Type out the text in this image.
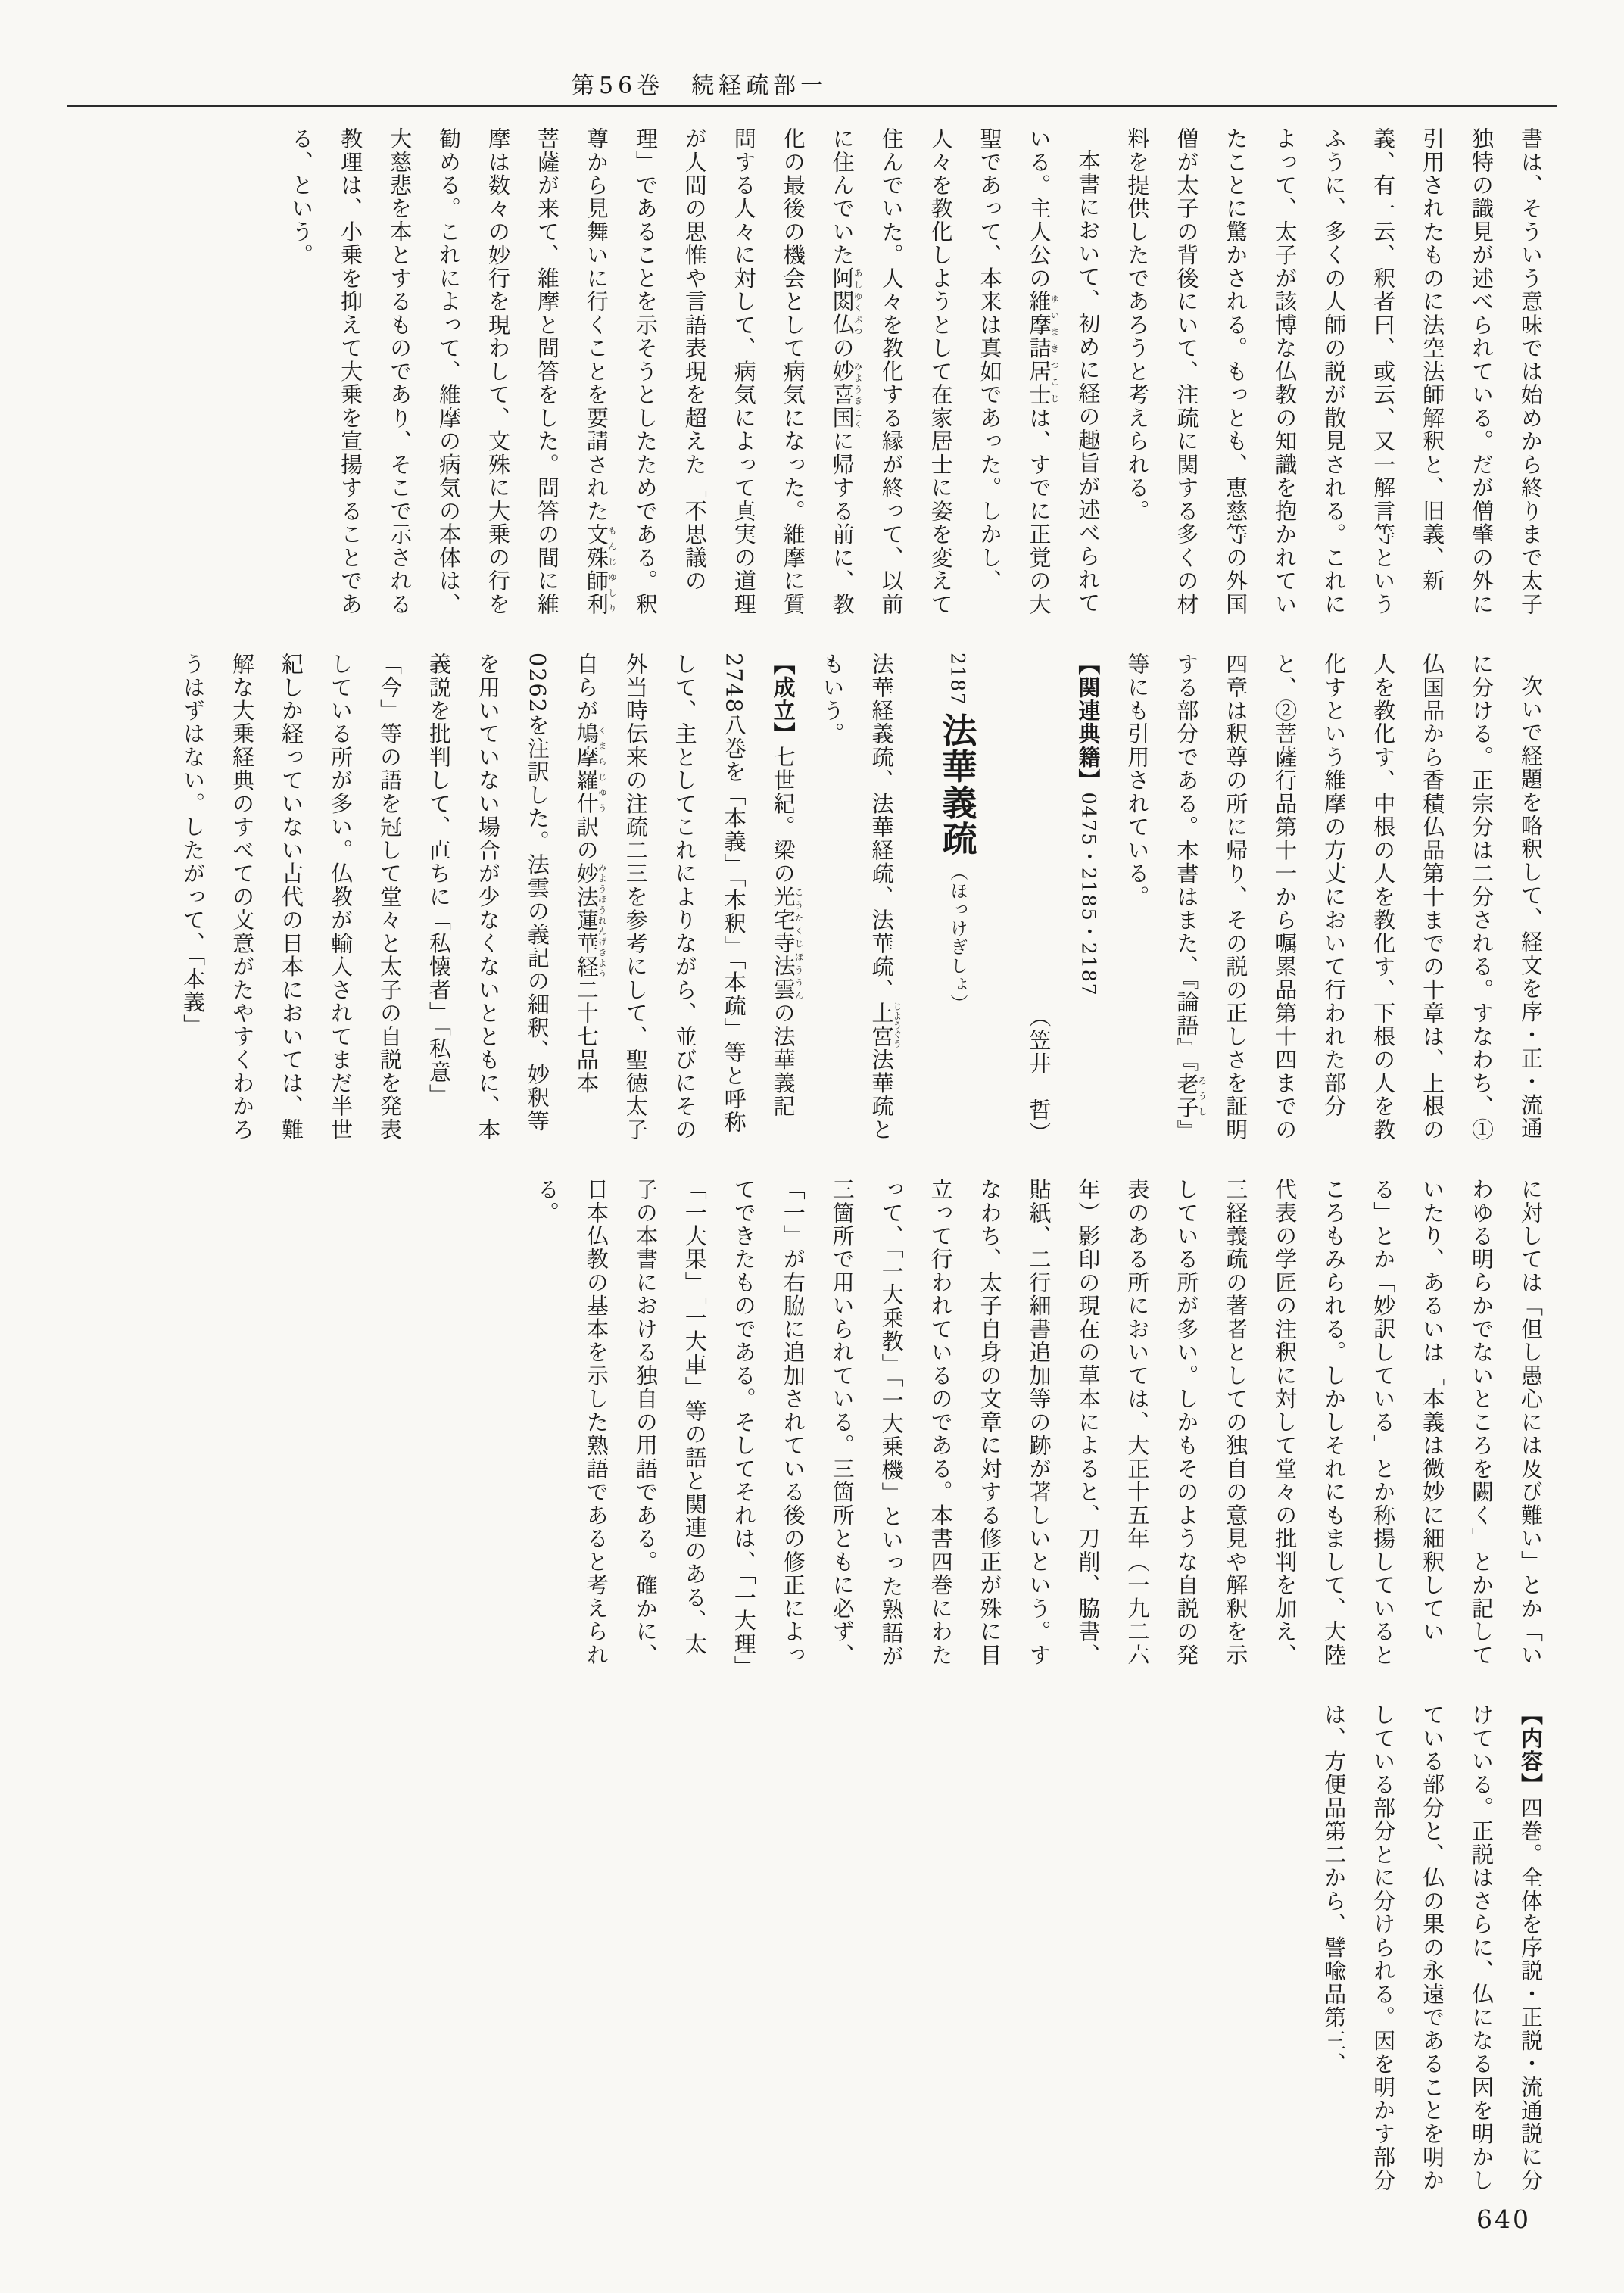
第56巻　続経疏部一

書は、そういう意味では始めから終りまで太子独特の識見が述べられている。だが僧肇の外に引用されたものに法空法師解釈と、旧義、新義、有一云、釈者曰、或云、又一解言等というふうに、多くの人師の説が散見される。これによって、太子が該博な仏教の知識を抱かれていたことに驚かされる。もっとも、恵慈等の外国僧が太子の背後にいて、注疏に関する多くの材料を提供したであろうと考えられる。

本書において、初めに経の趣旨が述べられている。主人公の維摩詰居士ゆいまきつこじは、すでに正覚の大聖であって、本来は真如であった。しかし、人々を教化しようとして在家居士に姿を変えて住んでいた。人々を教化する縁が終って、以前に住んでいた阿閦仏あしゆくぶつの妙喜国みようきこくに帰する前に、教化の最後の機会として病気になった。維摩に質問する人々に対して、病気によって真実の道理が人間の思惟や言語表現を超えた「不思議の理」であることを示そうとしたためである。釈尊から見舞いに行くことを要請された文殊師利もんじゆしり菩薩が来て、維摩と問答をした。問答の間に維摩は数々の妙行を現わして、文殊に大乗の行を勧める。これによって、維摩の病気の本体は、大慈悲を本とするものであり、そこで示される教理は、小乗を抑えて大乗を宣揚することである、という。

次いで経題を略釈して、経文を序・正・流通に分ける。正宗分は二分される。すなわち、①仏国品から香積仏品第十までの十章は、上根の人を教化す、中根の人を教化す、下根の人を教化すという維摩の方丈において行われた部分と、②菩薩行品第十一から嘱累品第十四までの四章は釈尊の所に帰り、その説の正しさを証明する部分である。本書はまた、『論語』『老子ろうし』等にも引用されている。

【関連典籍】0475・2185・2187

（笠井　哲）

2187法華義疏（ほっけぎしょ）

法華経義疏、法華経疏、法華疏、上宮じようぐう法華疏ともいう。

【成立】七世紀。梁の光宅寺法雲こうたくじほううんの法華義記2748八巻を「本義」「本釈」「本疏」等と呼称して、主としてこれによりながら、並びにその外当時伝来の注疏二三を参考にして、聖徳太子自らが鳩摩羅什くまらじゆう訳の妙法蓮華経みようほうれんげきよう二十七品本0262を注訳した。法雲の義記の細釈、妙釈等を用いていない場合が少なくないとともに、本義説を批判して、直ちに「私懐者」「私意」「今」等の語を冠して堂々と太子の自説を発表している所が多い。仏教が輸入されてまだ半世紀しか経っていない古代の日本においては、難解な大乗経典のすべての文意がたやすくわかろうはずはない。したがって、「本義」

に対しては「但し愚心には及び難い」とか「いわゆる明らかでないところを闕く」とか記していたり、あるいは「本義は微妙に細釈している」とか「妙訳している」とか称揚しているところもみられる。しかしそれにもまして、大陸代表の学匠の注釈に対して堂々の批判を加え、三経義疏の著者としての独自の意見や解釈を示している所が多い。しかもそのような自説の発表のある所においては、大正十五年（一九二六年）影印の現在の草本によると、刀削、脇書、貼紙、二行細書追加等の跡が著しいという。すなわち、太子自身の文章に対する修正が殊に目立って行われているのである。本書四巻にわたって、「一大乗教」「一大乗機」といった熟語が三箇所で用いられている。三箇所ともに必ず、「一」が右脇に追加されている後の修正によってできたものである。そしてそれは、「一大理」「一大果」「一大車」等の語と関連のある、太子の本書における独自の用語である。確かに、日本仏教の基本を示した熟語であると考えられる。

【内容】四巻。全体を序説・正説・流通説に分けている。正説はさらに、仏になる因を明かしている部分と、仏の果の永遠であることを明かしている部分とに分けられる。因を明かす部分は、方便品第二から、譬喩品第三、

640
